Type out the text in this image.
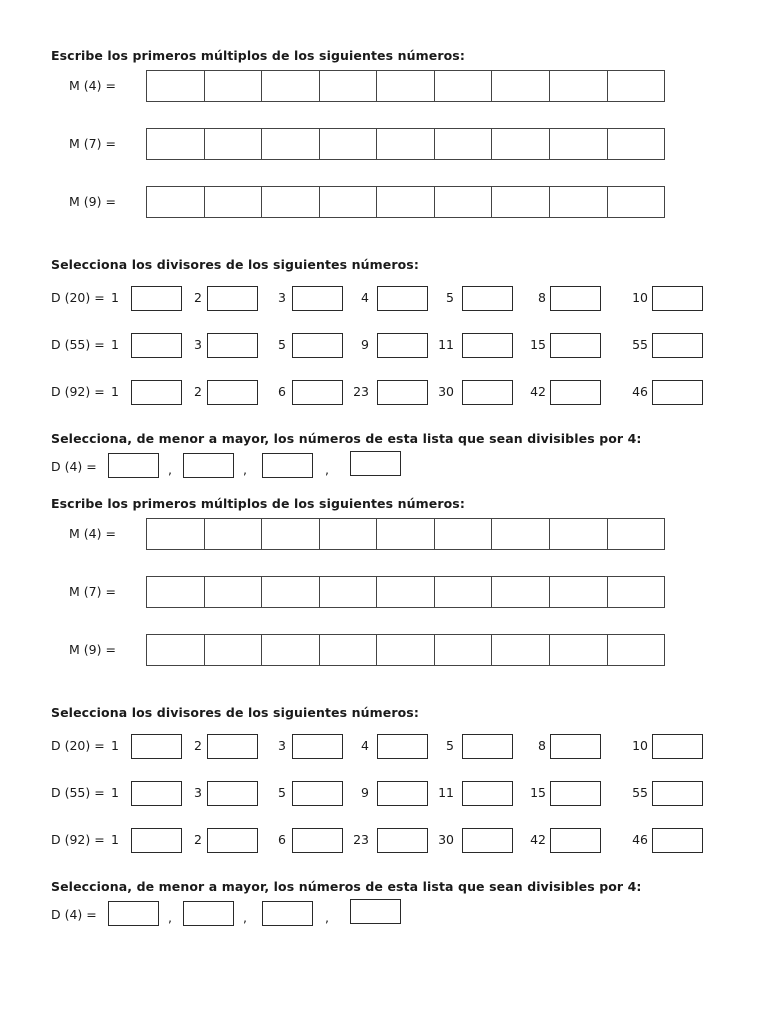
Escribe los primeros múltiplos de los siguientes números:
M (4) =
M (7) =
M (9) =
Selecciona los divisores de los siguientes números:
D (20) = 1	2	3	4	5	8	10
D (55) = 1	3	5	9	11	15	55
D (92) = 1	2	6	23	30	42	46
Selecciona, de menor a mayor, los números de esta lista que sean divisibles por 4:
D (4) =	,	,	,
Escribe los primeros múltiplos de los siguientes números:
M (4) =
M (7) =
M (9) =
Selecciona los divisores de los siguientes números:
D (20) = 1	2	3	4	5	8	10
D (55) = 1	3	5	9	11	15	55
D (92) = 1	2	6	23	30	42	46
Selecciona, de menor a mayor, los números de esta lista que sean divisibles por 4:
D (4) =	,	,	,
